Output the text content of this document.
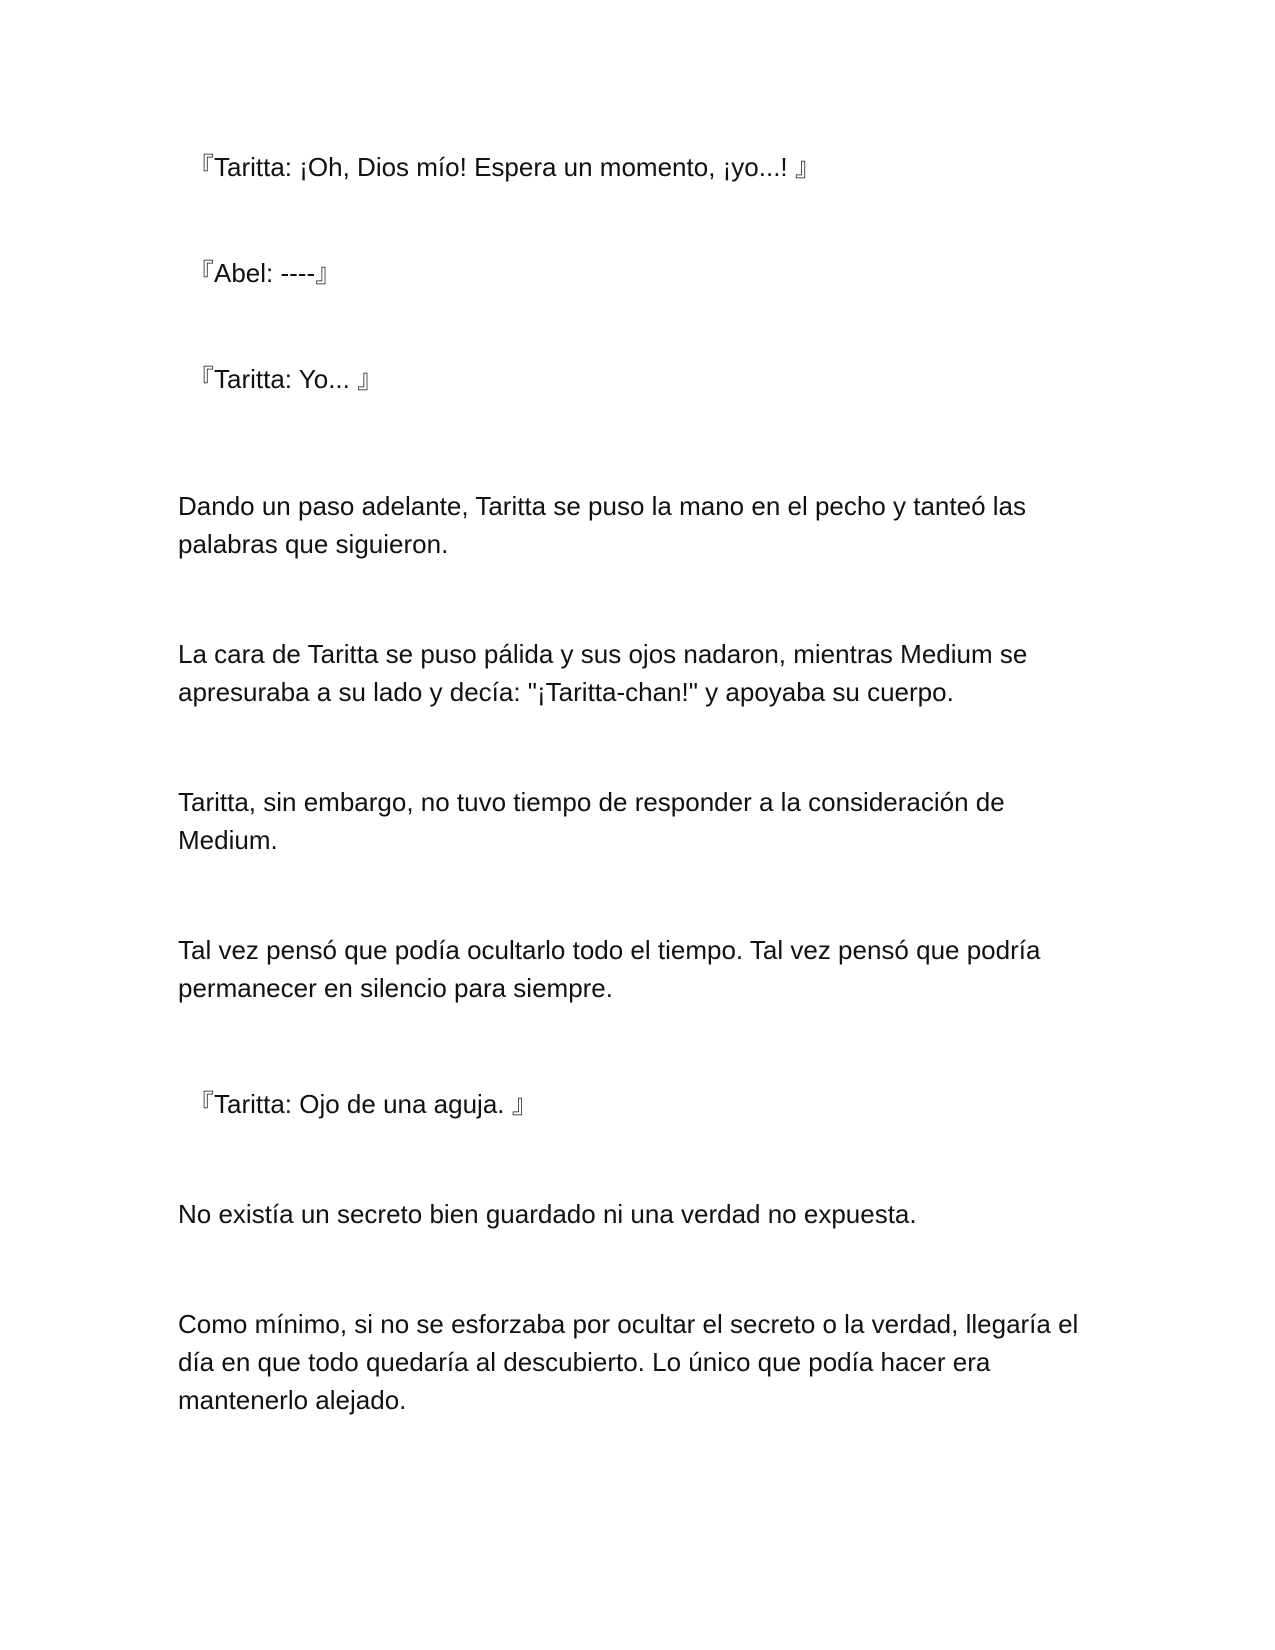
『Taritta: ¡Oh, Dios mío! Espera un momento, ¡yo...! 』

『Abel: ----』

『Taritta: Yo... 』

Dando un paso adelante, Taritta se puso la mano en el pecho y tanteó las palabras que siguieron.

La cara de Taritta se puso pálida y sus ojos nadaron, mientras Medium se apresuraba a su lado y decía: "¡Taritta-chan!" y apoyaba su cuerpo.

Taritta, sin embargo, no tuvo tiempo de responder a la consideración de Medium.

Tal vez pensó que podía ocultarlo todo el tiempo. Tal vez pensó que podría permanecer en silencio para siempre.

『Taritta: Ojo de una aguja. 』

No existía un secreto bien guardado ni una verdad no expuesta.

Como mínimo, si no se esforzaba por ocultar el secreto o la verdad, llegaría el día en que todo quedaría al descubierto. Lo único que podía hacer era mantenerlo alejado.
